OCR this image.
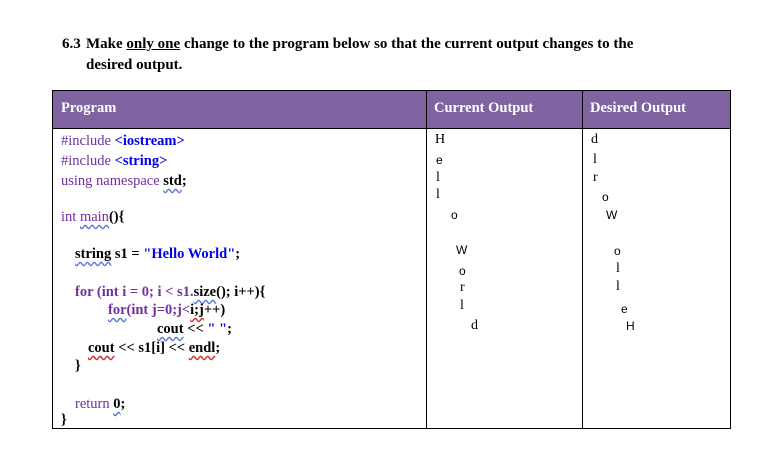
6.3 Make only one change to the program below so that the current output changes to the
desired output.
Program	Current Output	Desired Output
#include <iostream>
#include <string>
using namespace std;
int main(){
string s1 = "Hello World";
for (int i = 0; i < s1.size(); i++){
for(int j=0;j<i;j++)
cout << " ";
cout << s1[i] << endl;
}
return 0;
}
H
e
l
l
o
W
o
r
l
d
d
l
r
o
W
o
l
l
e
H
